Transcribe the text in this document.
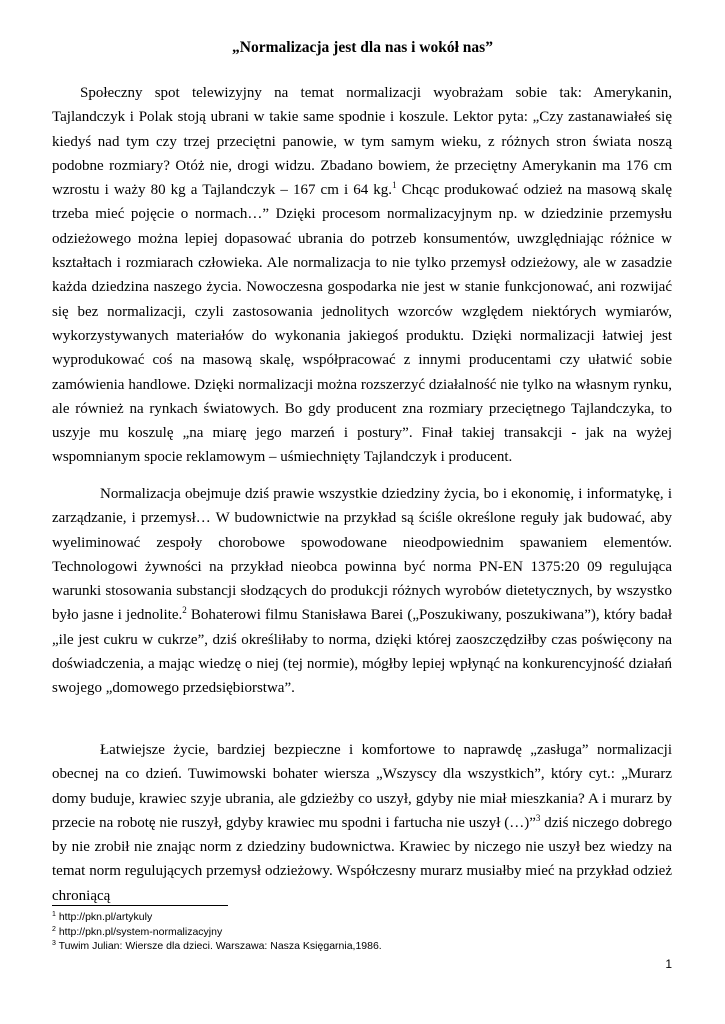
„Normalizacja jest dla nas i wokół nas”

Społeczny spot telewizyjny na temat normalizacji wyobrażam sobie tak: Amerykanin, Tajlandczyk i Polak stoją ubrani w takie same spodnie i koszule. Lektor pyta: „Czy zastanawiałeś się kiedyś nad tym czy trzej przeciętni panowie, w tym samym wieku, z różnych stron świata noszą podobne rozmiary? Otóż nie, drogi widzu. Zbadano bowiem, że przeciętny Amerykanin ma 176 cm wzrostu i waży 80 kg a Tajlandczyk – 167 cm i 64 kg.$^1$ Chcąc produkować odzież na masową skalę trzeba mieć pojęcie o normach…” Dzięki procesom normalizacyjnym np. w dziedzinie przemysłu odzieżowego można lepiej dopasować ubrania do potrzeb konsumentów, uwzględniając różnice w kształtach i rozmiarach człowieka. Ale normalizacja to nie tylko przemysł odzieżowy, ale w zasadzie każda dziedzina naszego życia. Nowoczesna gospodarka nie jest w stanie funkcjonować, ani rozwijać się bez normalizacji, czyli zastosowania jednolitych wzorców względem niektórych wymiarów, wykorzystywanych materiałów do wykonania jakiegoś produktu. Dzięki normalizacji łatwiej jest wyprodukować coś na masową skalę, współpracować z innymi producentami czy ułatwić sobie zamówienia handlowe. Dzięki normalizacji można rozszerzyć działalność nie tylko na własnym rynku, ale również na rynkach światowych. Bo gdy producent zna rozmiary przeciętnego Tajlandczyka, to uszyje mu koszulę „na miarę jego marzeń i postury”. Finał takiej transakcji - jak na wyżej wspomnianym spocie reklamowym – uśmiechnięty Tajlandczyk i producent.

Normalizacja obejmuje dziś prawie wszystkie dziedziny życia, bo i ekonomię, i informatykę, i zarządzanie, i przemysł… W budownictwie na przykład są ściśle określone reguły jak budować, aby wyeliminować zespoły chorobowe spowodowane nieodpowiednim spawaniem elementów. Technologowi żywności na przykład nieobca powinna być norma PN-EN 1375:20 09 regulująca warunki stosowania substancji słodzących do produkcji różnych wyrobów dietetycznych, by wszystko było jasne i jednolite.$^2$ Bohaterowi filmu Stanisława Barei („Poszukiwany, poszukiwana”), który badał „ile jest cukru w cukrze”, dziś określiłaby to norma, dzięki której zaoszczędziłby czas poświęcony na doświadczenia, a mając wiedzę o niej (tej normie), mógłby lepiej wpłynąć na konkurencyjność działań swojego „domowego przedsiębiorstwa”.

Łatwiejsze życie, bardziej bezpieczne i komfortowe to naprawdę „zasługa” normalizacji obecnej na co dzień. Tuwimowski bohater wiersza „Wszyscy dla wszystkich”, który cyt.: „Murarz domy buduje, krawiec szyje ubrania, ale gdzieżby co uszył, gdyby nie miał mieszkania? A i murarz by przecie na robotę nie ruszył, gdyby krawiec mu spodni i fartucha nie uszył (…)”$^3$ dziś niczego dobrego by nie zrobił nie znając norm z dziedziny budownictwa. Krawiec by niczego nie uszył bez wiedzy na temat norm regulujących przemysł odzieżowy. Współczesny murarz musiałby mieć na przykład odzież chroniącą

$^1$ http://pkn.pl/artykuly
$^2$ http://pkn.pl/system-normalizacyjny
$^3$ Tuwim Julian: Wiersze dla dzieci. Warszawa: Nasza Księgarnia,1986.
1
